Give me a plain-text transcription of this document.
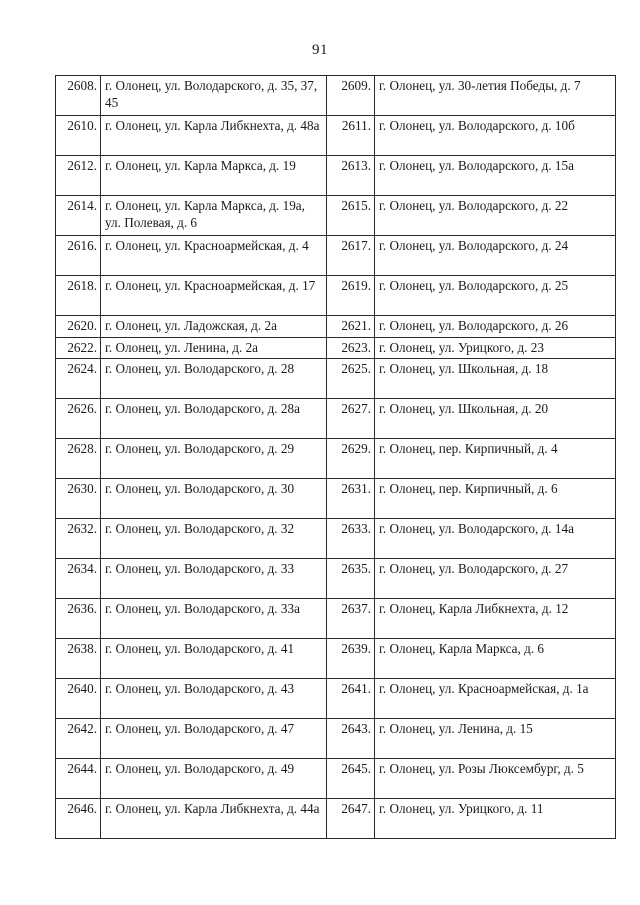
91
2608.	г. Олонец, ул. Володарского, д. 35, 37, 45	2609.	г. Олонец, ул. 30-летия Победы, д. 7
2610.	г. Олонец, ул. Карла Либкнехта, д. 48а	2611.	г. Олонец, ул. Володарского, д. 10б
2612.	г. Олонец, ул. Карла Маркса, д. 19	2613.	г. Олонец, ул. Володарского, д. 15а
2614.	г. Олонец, ул. Карла Маркса, д. 19а, ул. Полевая, д. 6	2615.	г. Олонец, ул. Володарского, д. 22
2616.	г. Олонец, ул. Красноармейская, д. 4	2617.	г. Олонец, ул. Володарского, д. 24
2618.	г. Олонец, ул. Красноармейская, д. 17	2619.	г. Олонец, ул. Володарского, д. 25
2620.	г. Олонец, ул. Ладожская, д. 2а	2621.	г. Олонец, ул. Володарского, д. 26
2622.	г. Олонец, ул. Ленина, д. 2а	2623.	г. Олонец, ул. Урицкого, д. 23
2624.	г. Олонец, ул. Володарского, д. 28	2625.	г. Олонец, ул. Школьная, д. 18
2626.	г. Олонец, ул. Володарского, д. 28а	2627.	г. Олонец, ул. Школьная, д. 20
2628.	г. Олонец, ул. Володарского, д. 29	2629.	г. Олонец, пер. Кирпичный, д. 4
2630.	г. Олонец, ул. Володарского, д. 30	2631.	г. Олонец, пер. Кирпичный, д. 6
2632.	г. Олонец, ул. Володарского, д. 32	2633.	г. Олонец, ул. Володарского, д. 14а
2634.	г. Олонец, ул. Володарского, д. 33	2635.	г. Олонец, ул. Володарского, д. 27
2636.	г. Олонец, ул. Володарского, д. 33а	2637.	г. Олонец, Карла Либкнехта, д. 12
2638.	г. Олонец, ул. Володарского, д. 41	2639.	г. Олонец, Карла Маркса, д. 6
2640.	г. Олонец, ул. Володарского, д. 43	2641.	г. Олонец, ул. Красноармейская, д. 1а
2642.	г. Олонец, ул. Володарского, д. 47	2643.	г. Олонец, ул. Ленина, д. 15
2644.	г. Олонец, ул. Володарского, д. 49	2645.	г. Олонец, ул. Розы Люксембург, д. 5
2646.	г. Олонец, ул. Карла Либкнехта, д. 44а	2647.	г. Олонец, ул. Урицкого, д. 11
